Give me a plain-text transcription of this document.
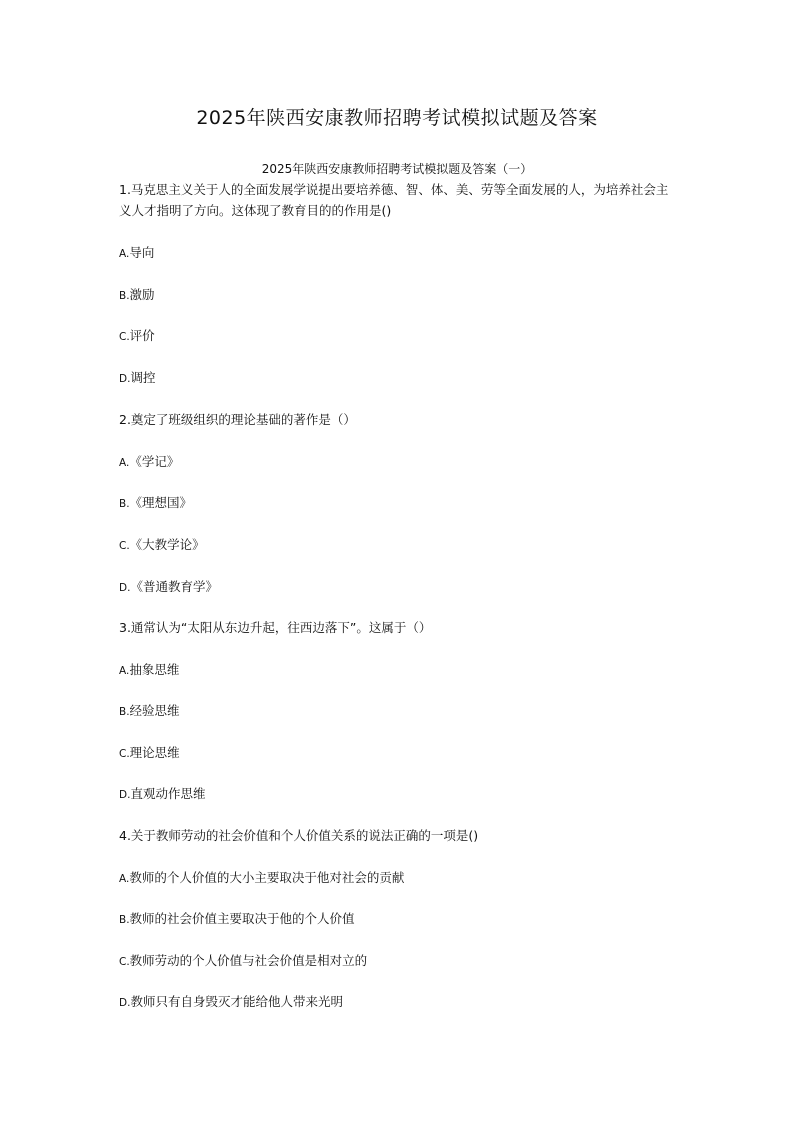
2025年陕西安康教师招聘考试模拟试题及答案
2025年陕西安康教师招聘考试模拟题及答案（一）
1.马克思主义关于人的全面发展学说提出要培养德、智、体、美、劳等全面发展的人，为培养社会主义人才指明了方向。这体现了教育目的的作用是()
A.导向
B.激励
C.评价
D.调控
2.奠定了班级组织的理论基础的著作是（）
A.《学记》
B.《理想国》
C.《大教学论》
D.《普通教育学》
3.通常认为“太阳从东边升起，往西边落下”。这属于（）
A.抽象思维
B.经验思维
C.理论思维
D.直观动作思维
4.关于教师劳动的社会价值和个人价值关系的说法正确的一项是()
A.教师的个人价值的大小主要取决于他对社会的贡献
B.教师的社会价值主要取决于他的个人价值
C.教师劳动的个人价值与社会价值是相对立的
D.教师只有自身毁灭才能给他人带来光明
